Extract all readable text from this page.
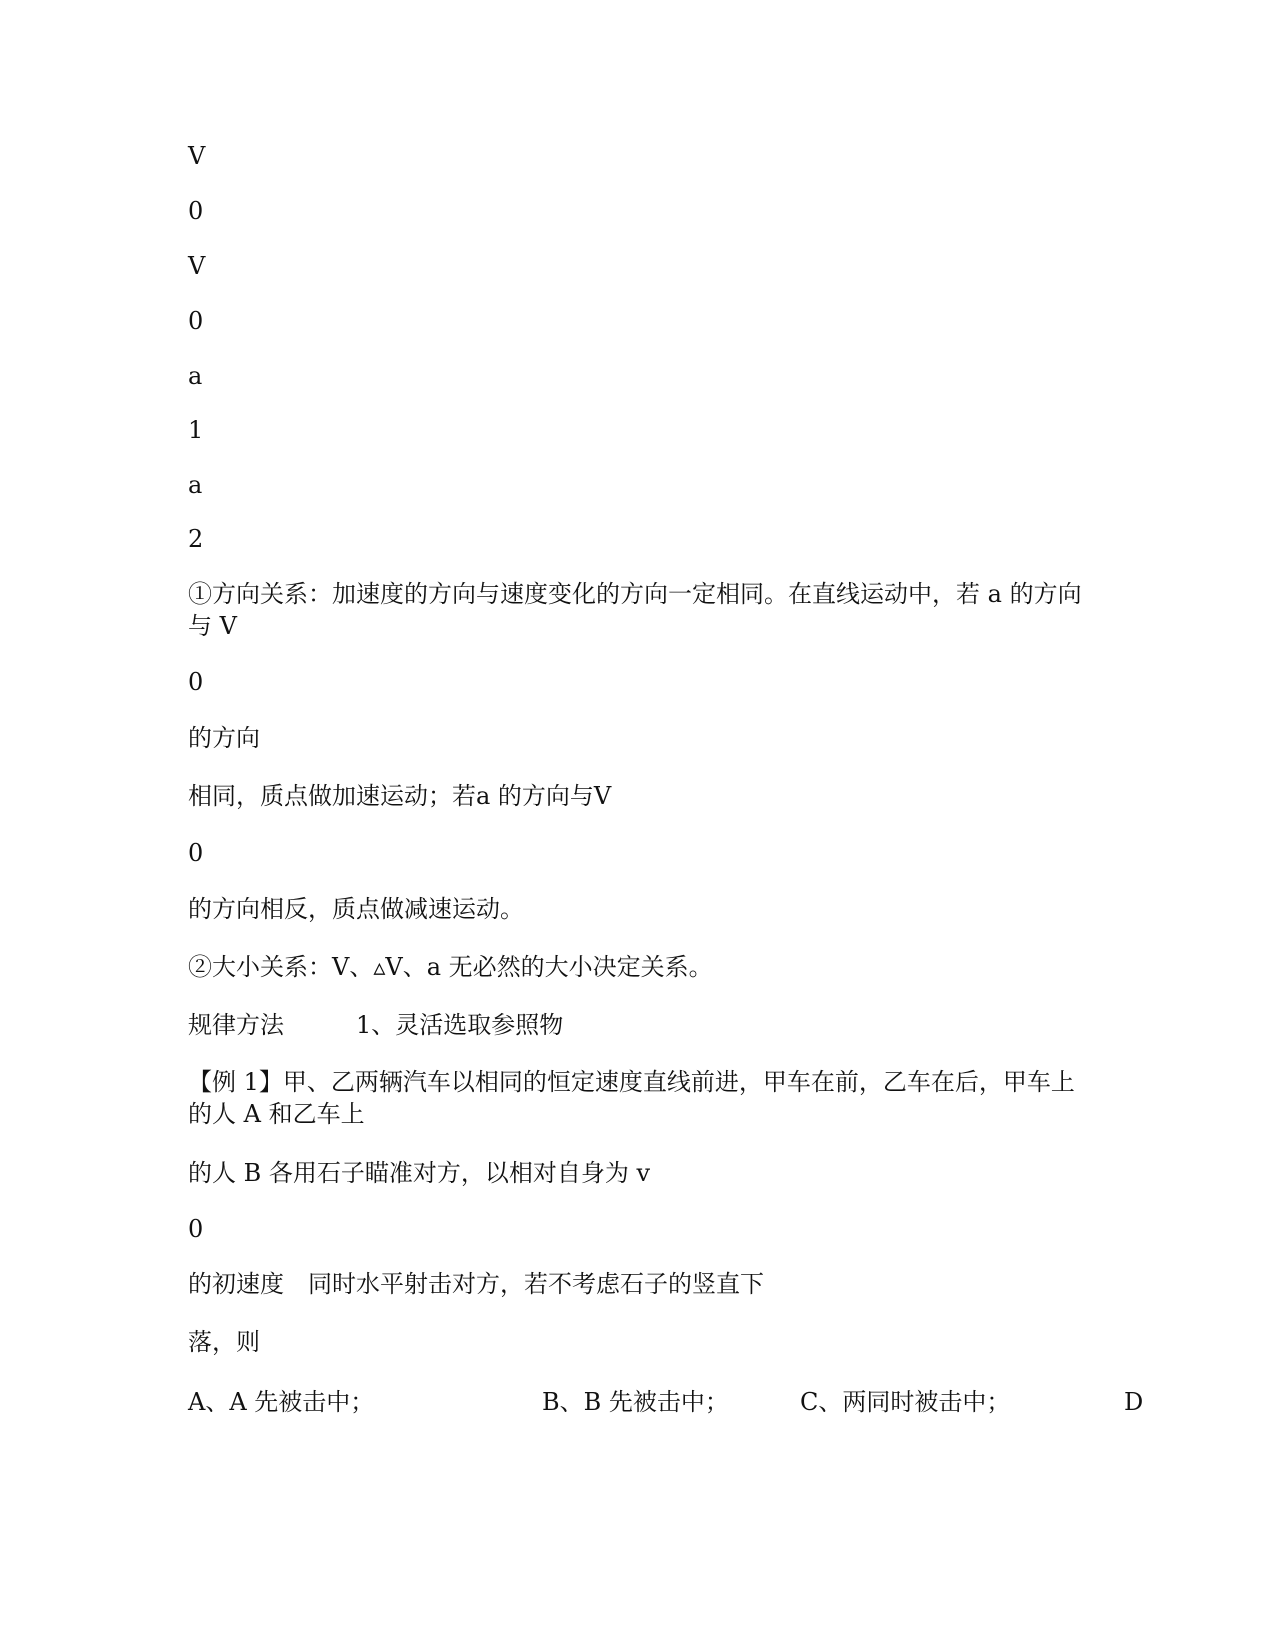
V
0
V
0
a
1
a
2
①方向关系：加速度的方向与速度变化的方向一定相同。在直线运动中，若 a 的方向与 V
0
的方向
相同，质点做加速运动；若a 的方向与V
0
的方向相反，质点做减速运动。
②大小关系：V、▵V、a 无必然的大小决定关系。
规律方法　　　1、灵活选取参照物
【例 1】甲、乙两辆汽车以相同的恒定速度直线前进，甲车在前，乙车在后，甲车上的人 A 和乙车上
的人 B 各用石子瞄准对方，以相对自身为 v
0
的初速度　同时水平射击对方，若不考虑石子的竖直下
落，则
A、A 先被击中；	B、B 先被击中；	C、两同时被击中；	D
